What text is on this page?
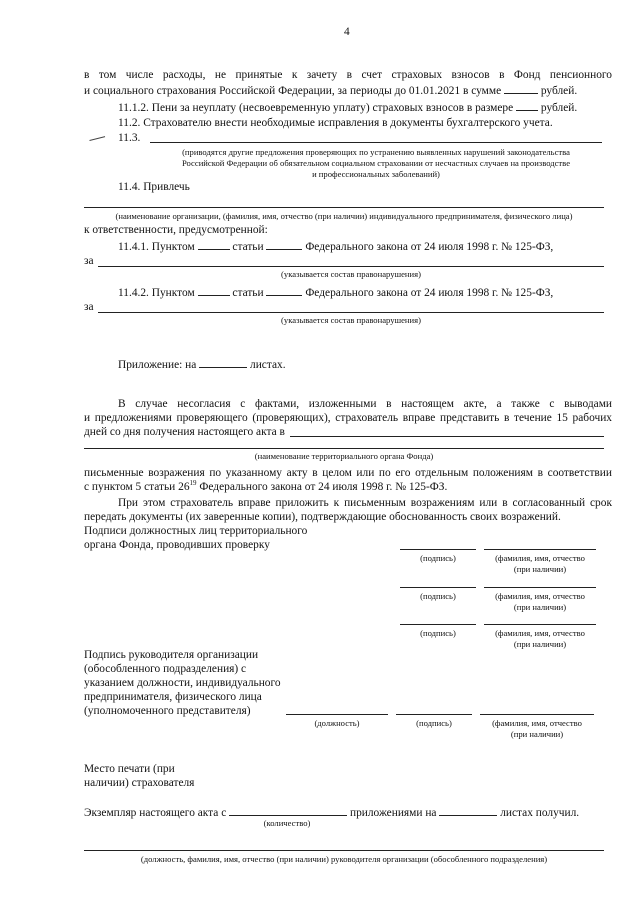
4
в том числе расходы, не принятые к зачету в счет страховых взносов в Фонд пенсионного
и социального страхования Российской Федерации, за периоды до 01.01.2021 в сумме	рублей.
11.1.2. Пени за неуплату (несвоевременную уплату) страховых взносов в размере рублей.
11.2. Страхователю внести необходимые исправления в документы бухгалтерского учета.
11.3.
(приводятся другие предложения проверяющих по устранению выявленных нарушений законодательства
Российской Федерации об обязательном социальном страховании от несчастных случаев на производстве
и профессиональных заболеваний)
11.4. Привлечь
(наименование организации, (фамилия, имя, отчество (при наличии) индивидуального предпринимателя, физического лица)
к ответственности, предусмотренной:
11.4.1. Пунктом	статьи	Федерального закона от 24 июля 1998 г. № 125-ФЗ,
за
(указывается состав правонарушения)
11.4.2. Пунктом	статьи	Федерального закона от 24 июля 1998 г. № 125-ФЗ,
за
(указывается состав правонарушения)
Приложение: на	листах.
В случае несогласия с фактами, изложенными в настоящем акте, а также с выводами
и предложениями проверяющего (проверяющих), страхователь вправе представить в течение 15 рабочих
дней со дня получения настоящего акта в
(наименование территориального органа Фонда)
письменные возражения по указанному акту в целом или по его отдельным положениям в соответствии
с пунктом 5 статьи $26^{19}$ Федерального закона от 24 июля 1998 г. № 125-ФЗ.
При этом страхователь вправе приложить к письменным возражениям или в согласованный срок
передать документы (их заверенные копии), подтверждающие обоснованность своих возражений.
Подписи должностных лиц территориального
органа Фонда, проводивших проверку
(подпись)	(фамилия, имя, отчество
(при наличии)
(подпись)	(фамилия, имя, отчество
(при наличии)
(подпись)	(фамилия, имя, отчество
(при наличии)
Подпись руководителя организации
(обособленного подразделения) с
указанием должности, индивидуального
предпринимателя, физического лица
(уполномоченного представителя)
(должность)	(подпись)	(фамилия, имя, отчество
(при наличии)
Место печати (при
наличии) страхователя
Экземпляр настоящего акта с	приложениями на	листах получил.
(количество)
(должность, фамилия, имя, отчество (при наличии) руководителя организации (обособленного подразделения)
